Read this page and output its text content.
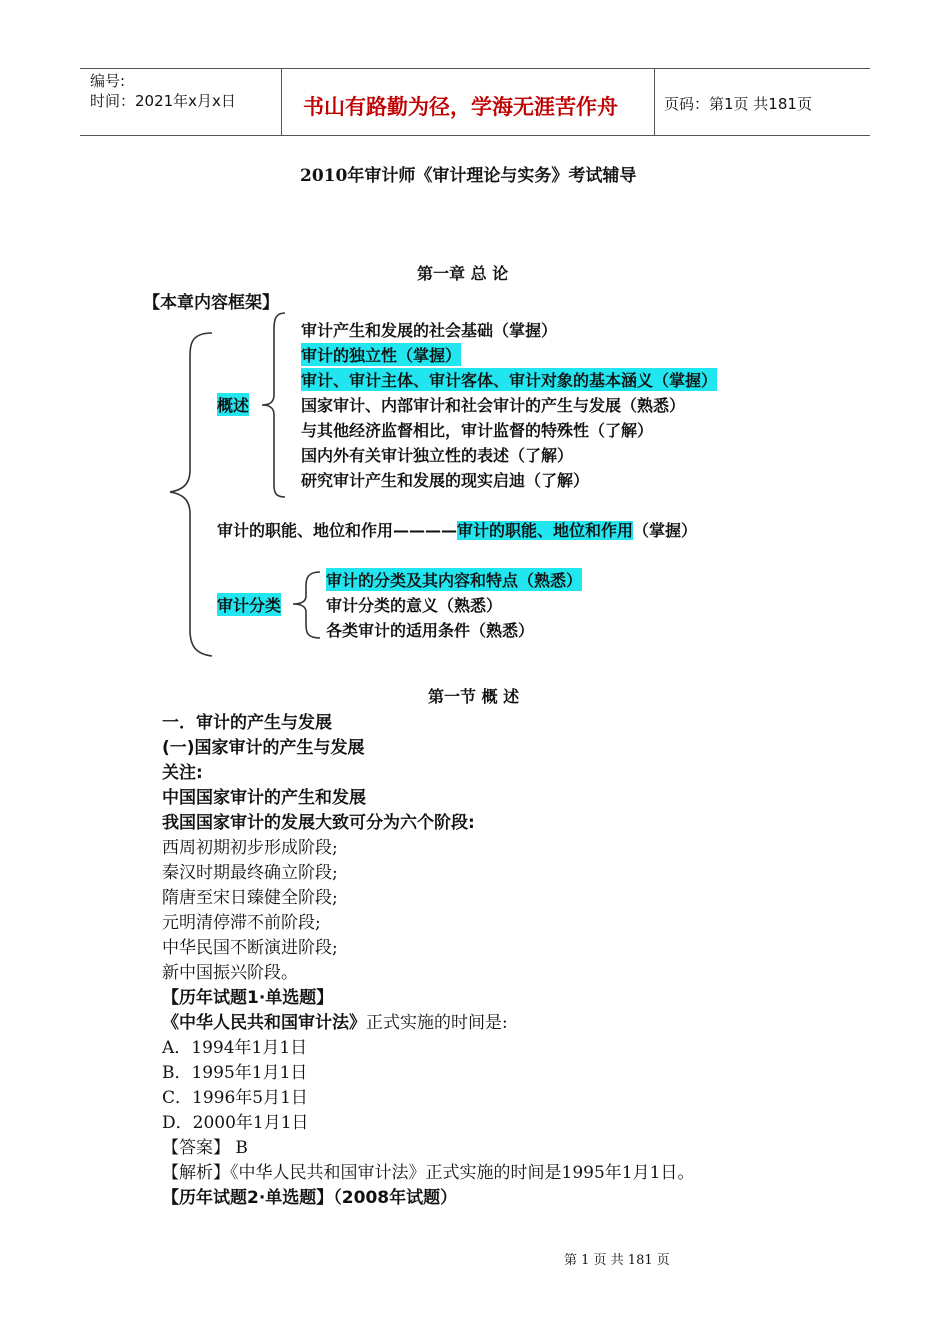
编号:
时间：2021年x月x日	书山有路勤为径，学海无涯苦作舟	页码：第1页 共181页
2010年审计师《审计理论与实务》考试辅导
第一章 总 论
【本章内容框架】
概述
审计产生和发展的社会基础（掌握）
审计的独立性（掌握）
审计、审计主体、审计客体、审计对象的基本涵义（掌握）
国家审计、内部审计和社会审计的产生与发展（熟悉）
与其他经济监督相比，审计监督的特殊性（了解）
国内外有关审计独立性的表述（了解）
研究审计产生和发展的现实启迪（了解）
审计的职能、地位和作用————审计的职能、地位和作用（掌握）
审计分类
审计的分类及其内容和特点（熟悉）
审计分类的意义（熟悉）
各类审计的适用条件（熟悉）
第一节 概 述
一．审计的产生与发展
(一)国家审计的产生与发展
关注:
中国国家审计的产生和发展
我国国家审计的发展大致可分为六个阶段:
西周初期初步形成阶段;
秦汉时期最终确立阶段;
隋唐至宋日臻健全阶段;
元明清停滞不前阶段;
中华民国不断演进阶段;
新中国振兴阶段。
【历年试题1·单选题】
《中华人民共和国审计法》正式实施的时间是:
A．1994年1月1日
B．1995年1月1日
C．1996年5月1日
D．2000年1月1日
【答案】 B
【解析】《中华人民共和国审计法》正式实施的时间是1995年1月1日。
【历年试题2·单选题】（2008年试题）
第 1 页 共 181 页
